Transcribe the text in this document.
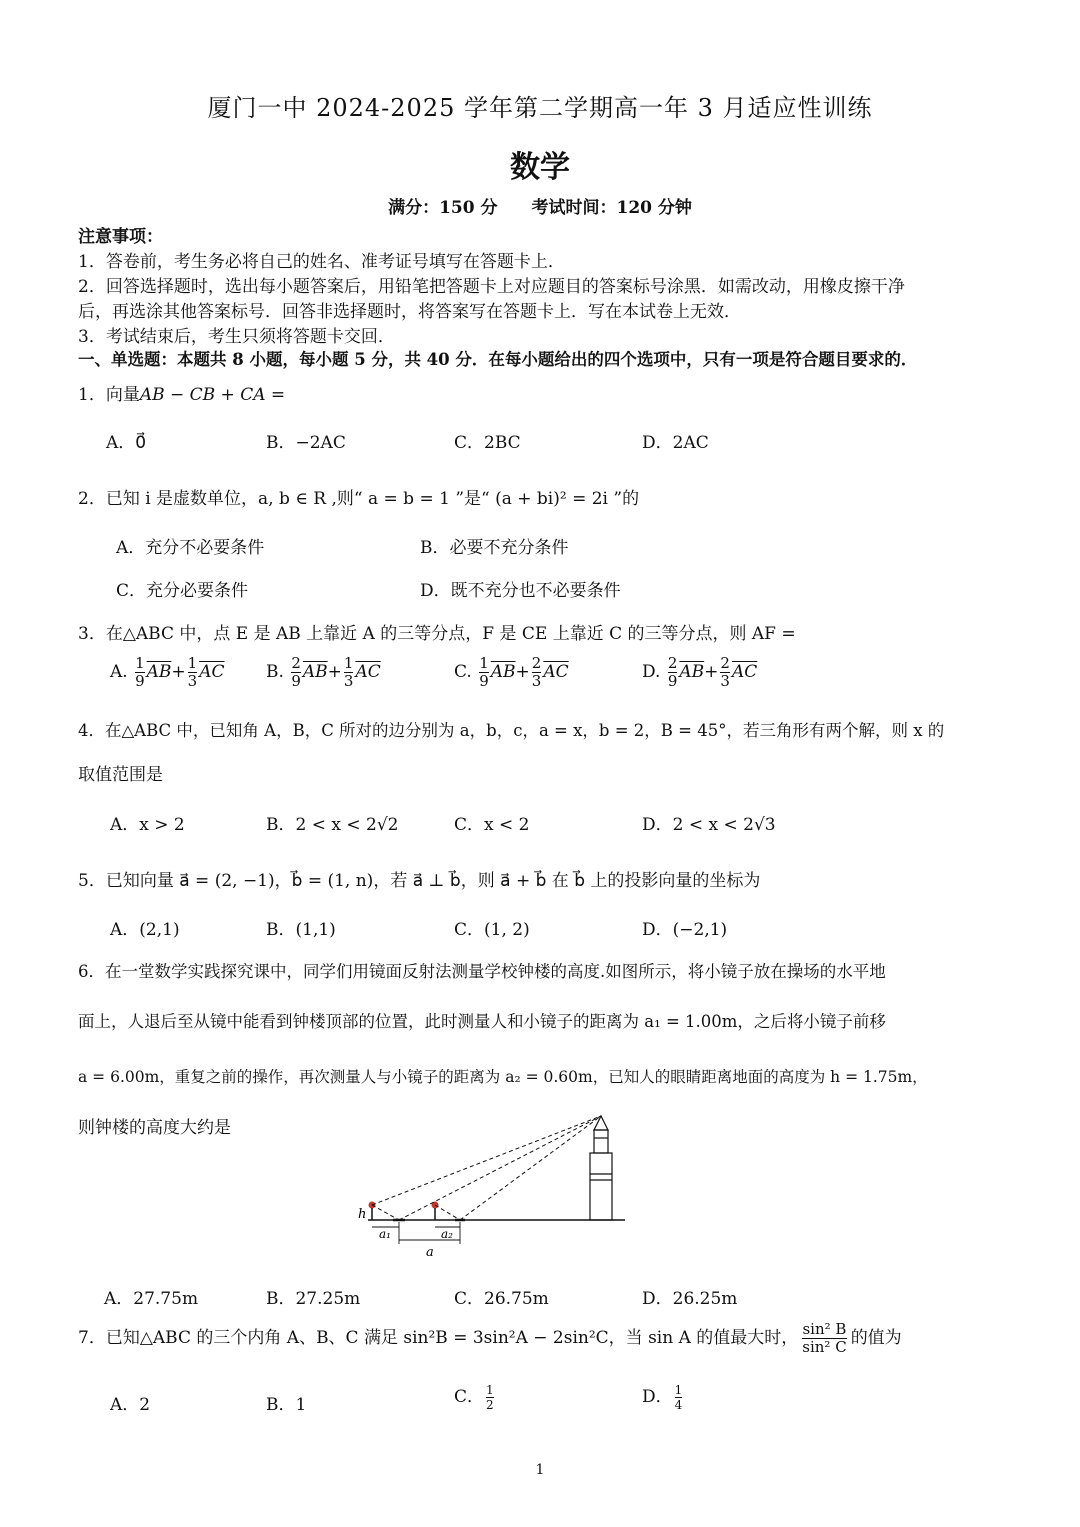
厦门一中 2024-2025 学年第二学期高一年 3 月适应性训练
数学
满分：150 分　　考试时间：120 分钟
注意事项：
1．答卷前，考生务必将自己的姓名、准考证号填写在答题卡上．
2．回答选择题时，选出每小题答案后，用铅笔把答题卡上对应题目的答案标号涂黑．如需改动，用橡皮擦干净
后，再选涂其他答案标号．回答非选择题时，将答案写在答题卡上．写在本试卷上无效．
3．考试结束后，考生只须将答题卡交回．
一、单选题：本题共 8 小题，每小题 5 分，共 40 分．在每小题给出的四个选项中，只有一项是符合题目要求的．
1．向量AB − CB + CA =
A．0⃗	B．−2AC	C．2BC	D．2AC
2．已知 i 是虚数单位，a, b ∈ R ,则“ a = b = 1 ”是“ (a + bi)² = 2i ”的
A．充分不必要条件	B．必要不充分条件
C．充分必要条件	D．既不充分也不必要条件
3．在△ABC 中，点 E 是 AB 上靠近 A 的三等分点，F 是 CE 上靠近 C 的三等分点，则 AF =
A. $\frac{1}{9} \overline{AB}+ \frac{1}{3} \overline{AC}$ B. $\frac{2}{9} \overline{AB}+ \frac{1}{3} \overline{AC}$	C. $\frac{1}{9} \overline{AB}+ \frac{2}{3} \overline{AC}$	D. $\frac{2}{9} \overline{AB}+ \frac{2}{3} \overline{AC}$
4．在△ABC 中，已知角 A，B，C 所对的边分别为 a，b，c，a = x，b = 2，B = 45°，若三角形有两个解，则 x 的
取值范围是
A．x > 2	B．2 < x < 2√2	C．x < 2	D．2 < x < 2√3
5．已知向量 a⃗ = (2, −1)，b⃗ = (1, n)，若 a⃗ ⊥ b⃗，则 a⃗ + b⃗ 在 b⃗ 上的投影向量的坐标为
A．(2,1)	B．(1,1)	C．(1, 2)	D．(−2,1)
6．在一堂数学实践探究课中，同学们用镜面反射法测量学校钟楼的高度.如图所示，将小镜子放在操场的水平地
面上，人退后至从镜中能看到钟楼顶部的位置，此时测量人和小镜子的距离为 a₁ = 1.00m，之后将小镜子前移
a = 6.00m，重复之前的操作，再次测量人与小镜子的距离为 a₂ = 0.60m，已知人的眼睛距离地面的高度为 h = 1.75m，
则钟楼的高度大约是
h
a₁	a₂
a
A．27.75m	B．27.25m	C．26.75m	D．26.25m
7．已知△ABC 的三个内角 A、B、C 满足 sin²B = 3sin²A − 2sin²C，当 sin A 的值最大时， $\frac{\text{sin² B}}{\text{sin² C}}$ 的值为
A．2	B．1	C． $\frac{1}{2}$	D． $\frac{1}{4}$
1
